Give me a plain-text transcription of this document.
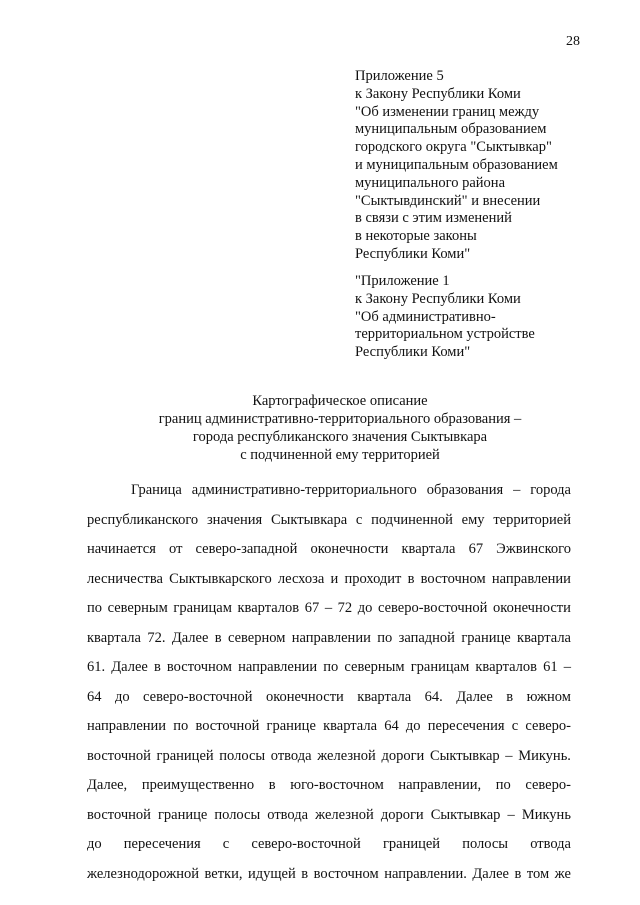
28
Приложение 5
к Закону Республики Коми
"Об изменении границ между
муниципальным образованием
городского округа "Сыктывкар"
и муниципальным образованием
муниципального района
"Сыктывдинский" и внесении
в связи с этим изменений
в некоторые законы
Республики Коми"
"Приложение 1
к Закону Республики Коми
"Об административно-
территориальном устройстве
Республики Коми"
Картографическое описание
границ административно-территориального образования –
города республиканского значения Сыктывкара
с подчиненной ему территорией
Граница административно-территориального образования – города
республиканского значения Сыктывкара с подчиненной ему территорией
начинается от северо-западной оконечности квартала 67 Эжвинского
лесничества Сыктывкарского лесхоза и проходит в восточном направлении
по северным границам кварталов 67 – 72 до северо-восточной оконечности
квартала 72. Далее в северном направлении по западной границе квартала
61. Далее в восточном направлении по северным границам кварталов 61 –
64 до северо-восточной оконечности квартала 64. Далее в южном
направлении по восточной границе квартала 64 до пересечения с северо-
восточной границей полосы отвода железной дороги Сыктывкар – Микунь.
Далее, преимущественно в юго-восточном направлении, по северо-
восточной границе полосы отвода железной дороги Сыктывкар – Микунь
до пересечения с северо-восточной границей полосы отвода
железнодорожной ветки, идущей в восточном направлении. Далее в том же
